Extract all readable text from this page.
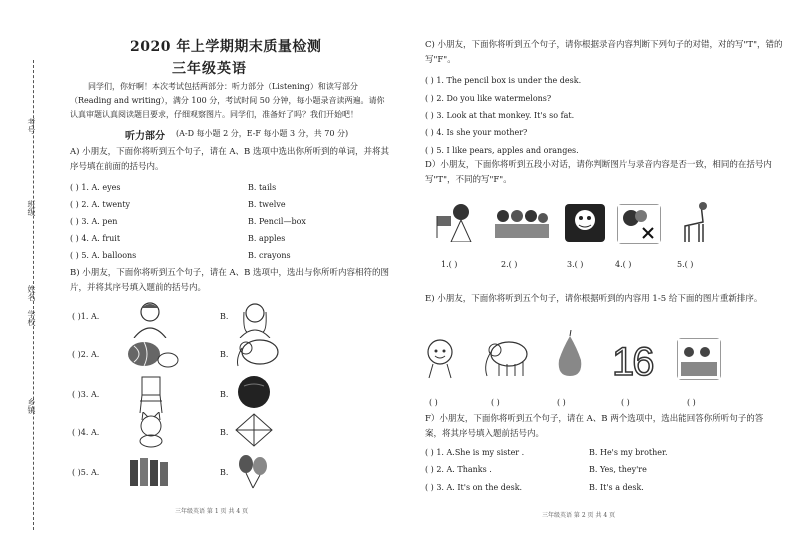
考号
班级
姓名
学校
乡镇
2020 年上学期期末质量检测
三年级英语
同学们，你好啊！本次考试包括两部分：听力部分（Listening）和读写部分（Reading and writing），满分 100 分，考试时间 50 分钟，每小题录音读两遍。请你认真审题认真阅读题目要求，仔细观察图片。同学们，准备好了吗？我们开始吧！
听力部分 (A-D 每小题 2 分，E-F 每小题 3 分，共 70 分)
A) 小朋友，下面你将听到五个句子，请在 A、B 选项中选出你所听到的单词，并将其序号填在前面的括号内。
( ) 1. A. eyes	B. tails
( ) 2. A. twenty	B. twelve
( ) 3. A. pen	B. Pencil—box
( ) 4. A. fruit	B. apples
( ) 5. A. balloons	B. crayons
B) 小朋友，下面你将听到五个句子，请在 A、B 选项中，选出与你所听内容相符的图片，并将其序号填入题前的括号内。
( )1. A.	B.
( )2. A.	B.
( )3. A.	B.
( )4. A.	B.
( )5. A.	B.
三年级英语 第 1 页 共 4 页
C) 小朋友，下面你将听到五个句子，请你根据录音内容判断下列句子的对错，对的写"T"，错的写"F"。
( ) 1. The pencil box is under the desk.
( ) 2. Do you like watermelons?
( ) 3. Look at that monkey. It's so fat.
( ) 4. Is she your mother?
( ) 5. I like pears, apples and oranges.
D）小朋友，下面你将听到五段小对话，请你判断图片与录音内容是否一致，相同的在括号内写"T"，不同的写"F"。
1.( )	2.( )	3.( )	4.( )	5.( )
E) 小朋友，下面你将听到五个句子，请你根据听到的内容用 1-5 给下面的图片重新排序。
16
( )	( )	( )	( )	( )
F）小朋友，下面你将听到五个句子，请在 A、B 两个选项中，选出能回答你所听句子的答案，将其序号填入题前括号内。
( ) 1. A.She is my sister .	B. He's my brother.
( ) 2. A. Thanks .	B. Yes, they're
( ) 3. A. It's on the desk.	B. It's a desk.
三年级英语 第 2 页 共 4 页
